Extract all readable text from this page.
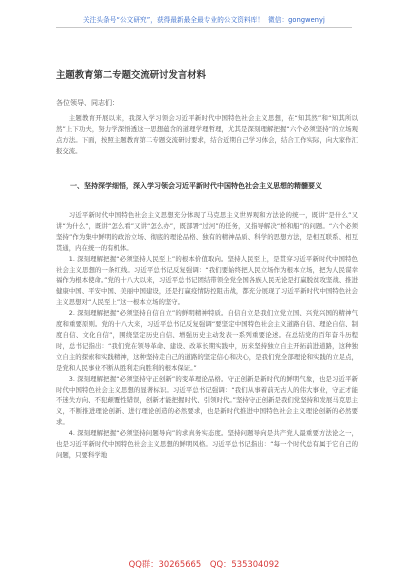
关注头条号“公文研究”，获得最新最全最专业的公文资料库！ 微信：gongwenyj
主题教育第二专题交流研讨发言材料
各位领导、同志们：

主题教育开展以来，我深入学习领会习近平新时代中国特色社会主义思想，在“知其然”和“知其所以然”上下功夫，努力学深悟透这一思想蕴含的道理学理哲理，尤其是深刻理解把握“六个必须坚持”的立场观点方法。下面，按照主题教育第二专题交流研讨要求，结合近期自己学习体会，结合工作实际，向大家作汇报交流。

一、坚持深学细悟，深入学习领会习近平新时代中国特色社会主义思想的精髓要义

习近平新时代中国特色社会主义思想充分体现了马克思主义世界观和方法论的统一，既讲“是什么”又讲“为什么”，既讲“怎么看”又讲“怎么办”，既部署“过河”的任务，又指导解决“桥和船”的问题。“六个必须坚持”作为集中鲜明的政治立场、彻底的理论品格、独有的精神品质、科学的思想方法，是相互联系、相互贯通，内在统一的有机体。

1. 深刻理解把握“必须坚持人民至上”的根本价值取向。坚持人民至上，是贯穿习近平新时代中国特色社会主义思想的一条红线。习近平总书记反复强调：“我们要始终把人民立场作为根本立场，把为人民谋幸福作为根本使命。”党的十八大以来，习近平总书记团结带领全党全国各族人民无论是打赢脱贫攻坚战、推进健康中国、平安中国、美丽中国建设，还是打赢疫情防控阻击战，都充分展现了习近平新时代中国特色社会主义思想对“人民至上”这一根本立场的坚守。

2. 深刻理解把握“必须坚持自信自立”的鲜明精神特质。自信自立是我们立党立国、兴党兴国的精神气度和重要原则。党的十八大来，习近平总书记反复强调“要坚定中国特色社会主义道路自信、理论自信、制度自信、文化自信”，围绕坚定历史自信、增强历史主动发表一系列重要论述。在总结党的百年奋斗历程时，总书记指出：“我们党在领导革命、建设、改革长期实践中，历来坚持独立自主开拓前进道路，这种独立自主的探索和实践精神，这种坚持走自己的道路的坚定信心和决心，是我们党全部理论和实践的立足点，是党和人民事业不断从胜利走向胜利的根本保证。”

3. 深刻理解把握“必须坚持守正创新”的变革理论品格。守正创新是新时代的鲜明气象，也是习近平新时代中国特色社会主义思想的显著标识。习近平总书记强调：“我们从事着前无古人的伟大事业，守正才能不迷失方向、不犯颠覆性错误，创新才能把握时代、引领时代。”坚持守正创新是我们党坚持和发展马克思主义，不断推进理论创新、进行理论创造的必然要求，也是新时代推进中国特色社会主义理论创新的必然要求。

4. 深刻理解把握“必须坚持问题导向”的求真务实态度。坚持问题导向是共产党人最重要方法论之一，也是习近平新时代中国特色社会主义思想的鲜明风格。习近平总书记指出：“每一个时代总有属于它自己的问题，只要科学地

QQ群：30265665 QQ：535304092
